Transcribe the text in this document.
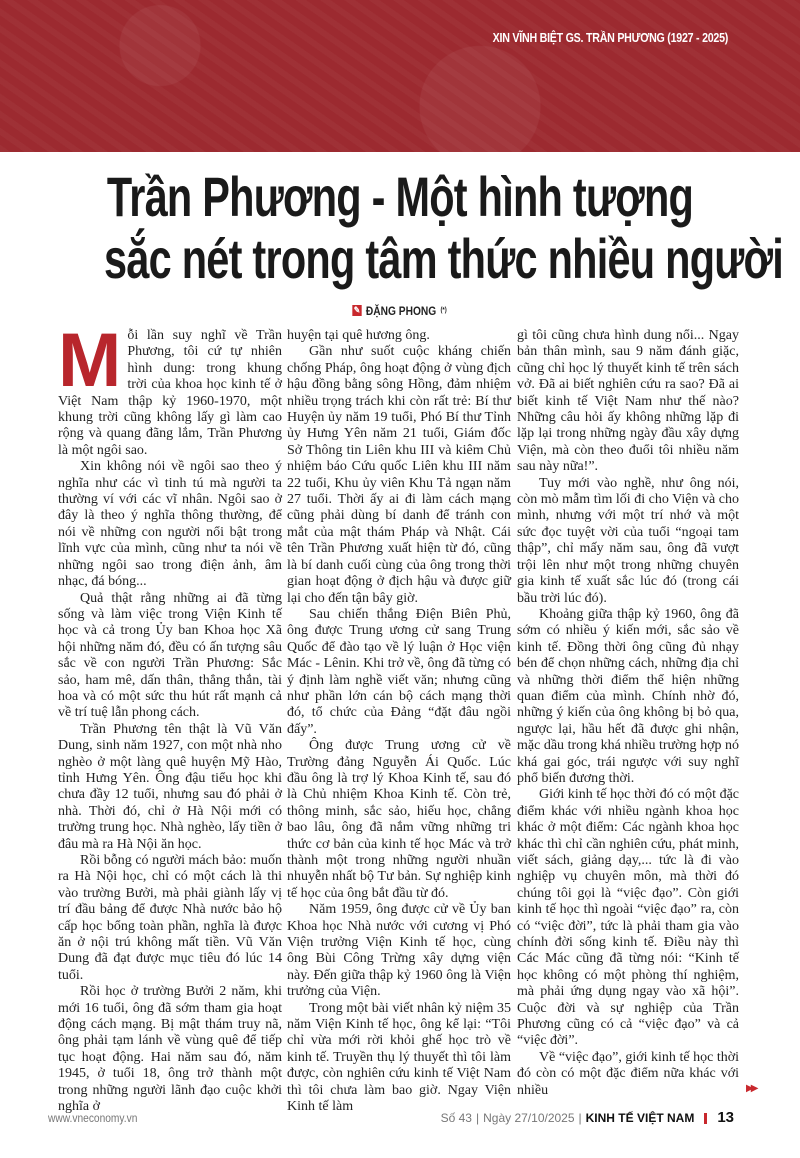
XIN VĨNH BIỆT GS. TRẦN PHƯƠNG (1927 - 2025)
Trần Phương - Một hình tượng
sắc nét trong tâm thức nhiều người
✎ ĐẶNG PHONG (*)

Mỗi lần suy nghĩ về Trần Phương, tôi cứ tự nhiên hình dung: trong khung trời của khoa học kinh tế ở Việt Nam thập kỷ 1960-1970, một khung trời cũng không lấy gì làm cao rộng và quang đãng lắm, Trần Phương là một ngôi sao.

Xin không nói về ngôi sao theo ý nghĩa như các vì tinh tú mà người ta thường ví với các vĩ nhân. Ngôi sao ở đây là theo ý nghĩa thông thường, để nói về những con người nổi bật trong lĩnh vực của mình, cũng như ta nói về những ngôi sao trong điện ảnh, âm nhạc, đá bóng...

Quả thật rằng những ai đã từng sống và làm việc trong Viện Kinh tế học và cả trong Ủy ban Khoa học Xã hội những năm đó, đều có ấn tượng sâu sắc về con người Trần Phương: Sắc sảo, ham mê, dấn thân, thẳng thắn, tài hoa và có một sức thu hút rất mạnh cả về trí tuệ lẫn phong cách.

Trần Phương tên thật là Vũ Văn Dung, sinh năm 1927, con một nhà nho nghèo ở một làng quê huyện Mỹ Hào, tỉnh Hưng Yên. Ông đậu tiểu học khi chưa đầy 12 tuổi, nhưng sau đó phải ở nhà. Thời đó, chỉ ở Hà Nội mới có trường trung học. Nhà nghèo, lấy tiền ở đâu mà ra Hà Nội ăn học.

Rồi bỗng có người mách bảo: muốn ra Hà Nội học, chỉ có một cách là thi vào trường Bưởi, mà phải giành lấy vị trí đầu bảng để được Nhà nước bảo hộ cấp học bổng toàn phần, nghĩa là được ăn ở nội trú không mất tiền. Vũ Văn Dung đã đạt được mục tiêu đó lúc 14 tuổi.

Rồi học ở trường Bưởi 2 năm, khi mới 16 tuổi, ông đã sớm tham gia hoạt động cách mạng. Bị mật thám truy nã, ông phải tạm lánh về vùng quê để tiếp tục hoạt động. Hai năm sau đó, năm 1945, ở tuổi 18, ông trở thành một trong những người lãnh đạo cuộc khởi nghĩa ở

huyện tại quê hương ông.

Gần như suốt cuộc kháng chiến chống Pháp, ông hoạt động ở vùng địch hậu đồng bằng sông Hồng, đảm nhiệm nhiều trọng trách khi còn rất trẻ: Bí thư Huyện ủy năm 19 tuổi, Phó Bí thư Tỉnh ủy Hưng Yên năm 21 tuổi, Giám đốc Sở Thông tin Liên khu III và kiêm Chủ nhiệm báo Cứu quốc Liên khu III năm 22 tuổi, Khu ủy viên Khu Tả ngạn năm 27 tuổi. Thời ấy ai đi làm cách mạng cũng phải dùng bí danh để tránh con mắt của mật thám Pháp và Nhật. Cái tên Trần Phương xuất hiện từ đó, cũng là bí danh cuối cùng của ông trong thời gian hoạt động ở địch hậu và được giữ lại cho đến tận bây giờ.

Sau chiến thắng Điện Biên Phủ, ông được Trung ương cử sang Trung Quốc để đào tạo về lý luận ở Học viện Mác - Lênin. Khi trở về, ông đã từng có ý định làm nghề viết văn; nhưng cũng như phần lớn cán bộ cách mạng thời đó, tổ chức của Đảng “đặt đâu ngồi đấy”.

Ông được Trung ương cử về Trường đảng Nguyễn Ái Quốc. Lúc đầu ông là trợ lý Khoa Kinh tế, sau đó là Chủ nhiệm Khoa Kinh tế. Còn trẻ, thông minh, sắc sảo, hiếu học, chẳng bao lâu, ông đã nắm vững những tri thức cơ bản của kinh tế học Mác và trở thành một trong những người nhuần nhuyễn nhất bộ Tư bản. Sự nghiệp kinh tế học của ông bắt đầu từ đó.

Năm 1959, ông được cử về Ủy ban Khoa học Nhà nước với cương vị Phó Viện trưởng Viện Kinh tế học, cùng ông Bùi Công Trừng xây dựng viện này. Đến giữa thập kỷ 1960 ông là Viện trưởng của Viện.

Trong một bài viết nhân kỷ niệm 35 năm Viện Kinh tế học, ông kể lại: “Tôi chỉ vừa mới rời khỏi ghế học trò về kinh tế. Truyền thụ lý thuyết thì tôi làm được, còn nghiên cứu kinh tế Việt Nam thì tôi chưa làm bao giờ. Ngay Viện Kinh tế làm

gì tôi cũng chưa hình dung nổi... Ngay bản thân mình, sau 9 năm đánh giặc, cũng chỉ học lý thuyết kinh tế trên sách vở. Đã ai biết nghiên cứu ra sao? Đã ai biết kinh tế Việt Nam như thế nào? Những câu hỏi ấy không những lặp đi lặp lại trong những ngày đầu xây dựng Viện, mà còn theo đuổi tôi nhiều năm sau này nữa!”.

Tuy mới vào nghề, như ông nói, còn mò mẫm tìm lối đi cho Viện và cho mình, nhưng với một trí nhớ và một sức đọc tuyệt vời của tuổi “ngoại tam thập”, chỉ mấy năm sau, ông đã vượt trội lên như một trong những chuyên gia kinh tế xuất sắc lúc đó (trong cái bầu trời lúc đó).

Khoảng giữa thập kỷ 1960, ông đã sớm có nhiều ý kiến mới, sắc sảo về kinh tế. Đồng thời ông cũng đủ nhạy bén để chọn những cách, những địa chỉ và những thời điểm thể hiện những quan điểm của mình. Chính nhờ đó, những ý kiến của ông không bị bỏ qua, ngược lại, hầu hết đã được ghi nhận, mặc dầu trong khá nhiều trường hợp nó khá gai góc, trái ngược với suy nghĩ phổ biến đương thời.

Giới kinh tế học thời đó có một đặc điểm khác với nhiều ngành khoa học khác ở một điểm: Các ngành khoa học khác thì chỉ cần nghiên cứu, phát minh, viết sách, giảng dạy,... tức là đi vào nghiệp vụ chuyên môn, mà thời đó chúng tôi gọi là “việc đạo”. Còn giới kinh tế học thì ngoài “việc đạo” ra, còn có “việc đời”, tức là phải tham gia vào chính đời sống kinh tế. Điều này thì Các Mác cũng đã từng nói: “Kinh tế học không có một phòng thí nghiệm, mà phải ứng dụng ngay vào xã hội”. Cuộc đời và sự nghiệp của Trần Phương cũng có cả “việc đạo” và cả “việc đời”.

Về “việc đạo”, giới kinh tế học thời đó còn có một đặc điểm nữa khác với nhiều	▶▶
www.vneconomy.vn	Số 43 | Ngày 27/10/2025 | KINH TẾ VIỆT NAM 13
